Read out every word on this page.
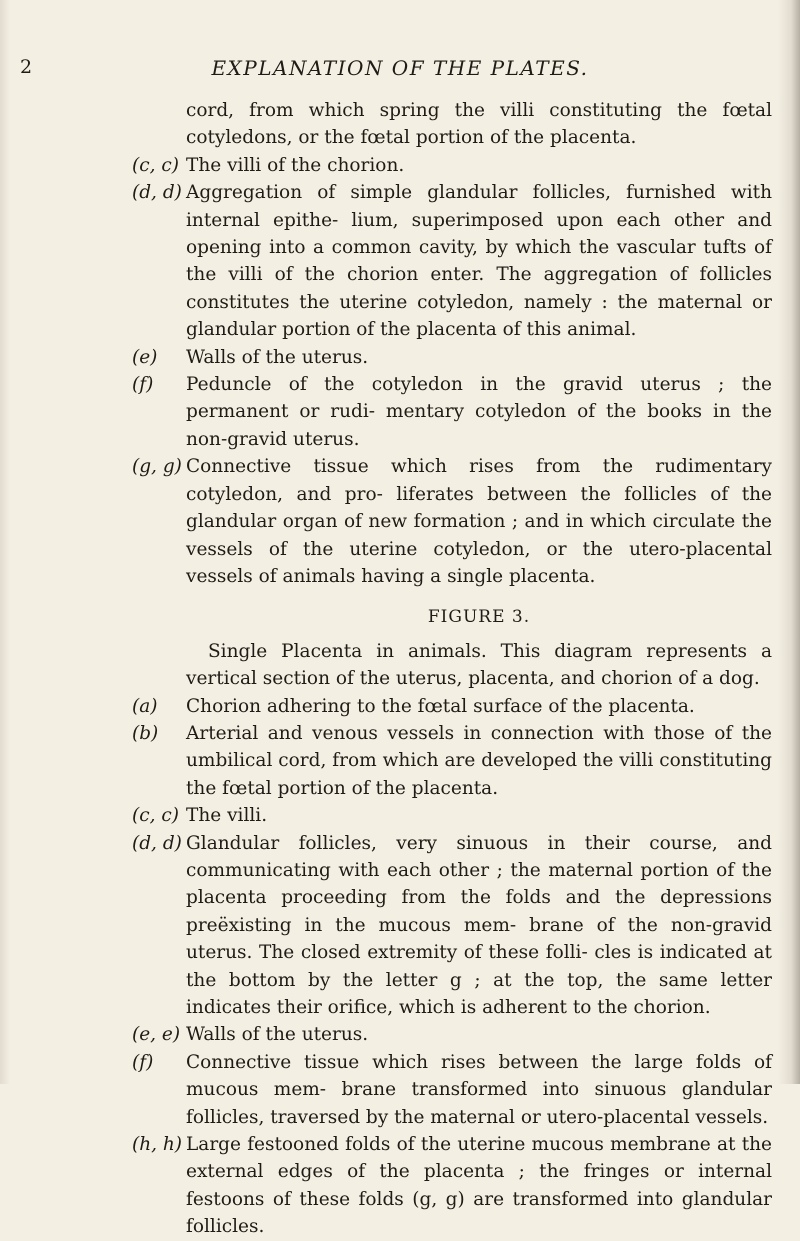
2	EXPLANATION OF THE PLATES.
cord, from which spring the villi constituting the fœtal cotyledons, or the fœtal portion of the placenta.
(c, c) The villi of the chorion.
(d, d) Aggregation of simple glandular follicles, furnished with internal epithe- lium, superimposed upon each other and opening into a common cavity, by which the vascular tufts of the villi of the chorion enter. The aggregation of follicles constitutes the uterine cotyledon, namely : the maternal or glandular portion of the placenta of this animal.
(e)	Walls of the uterus.
(f)	Peduncle of the cotyledon in the gravid uterus ; the permanent or rudi- mentary cotyledon of the books in the non-gravid uterus.
(g, g) Connective tissue which rises from the rudimentary cotyledon, and pro- liferates between the follicles of the glandular organ of new formation ; and in which circulate the vessels of the uterine cotyledon, or the utero-placental vessels of animals having a single placenta.
FIGURE 3.
Single Placenta in animals. This diagram represents a vertical section of the uterus, placenta, and chorion of a dog.
(a)	Chorion adhering to the fœtal surface of the placenta.
(b)	Arterial and venous vessels in connection with those of the umbilical cord, from which are developed the villi constituting the fœtal portion of the placenta.
(c, c) The villi.
(d, d) Glandular follicles, very sinuous in their course, and communicating with each other ; the maternal portion of the placenta proceeding from the folds and the depressions preëxisting in the mucous mem- brane of the non-gravid uterus. The closed extremity of these folli- cles is indicated at the bottom by the letter g ; at the top, the same letter indicates their orifice, which is adherent to the chorion.
(e, e) Walls of the uterus.
(f)	Connective tissue which rises between the large folds of mucous mem- brane transformed into sinuous glandular follicles, traversed by the maternal or utero-placental vessels.
(h, h) Large festooned folds of the uterine mucous membrane at the external edges of the placenta ; the fringes or internal festoons of these folds (g, g) are transformed into glandular follicles.
